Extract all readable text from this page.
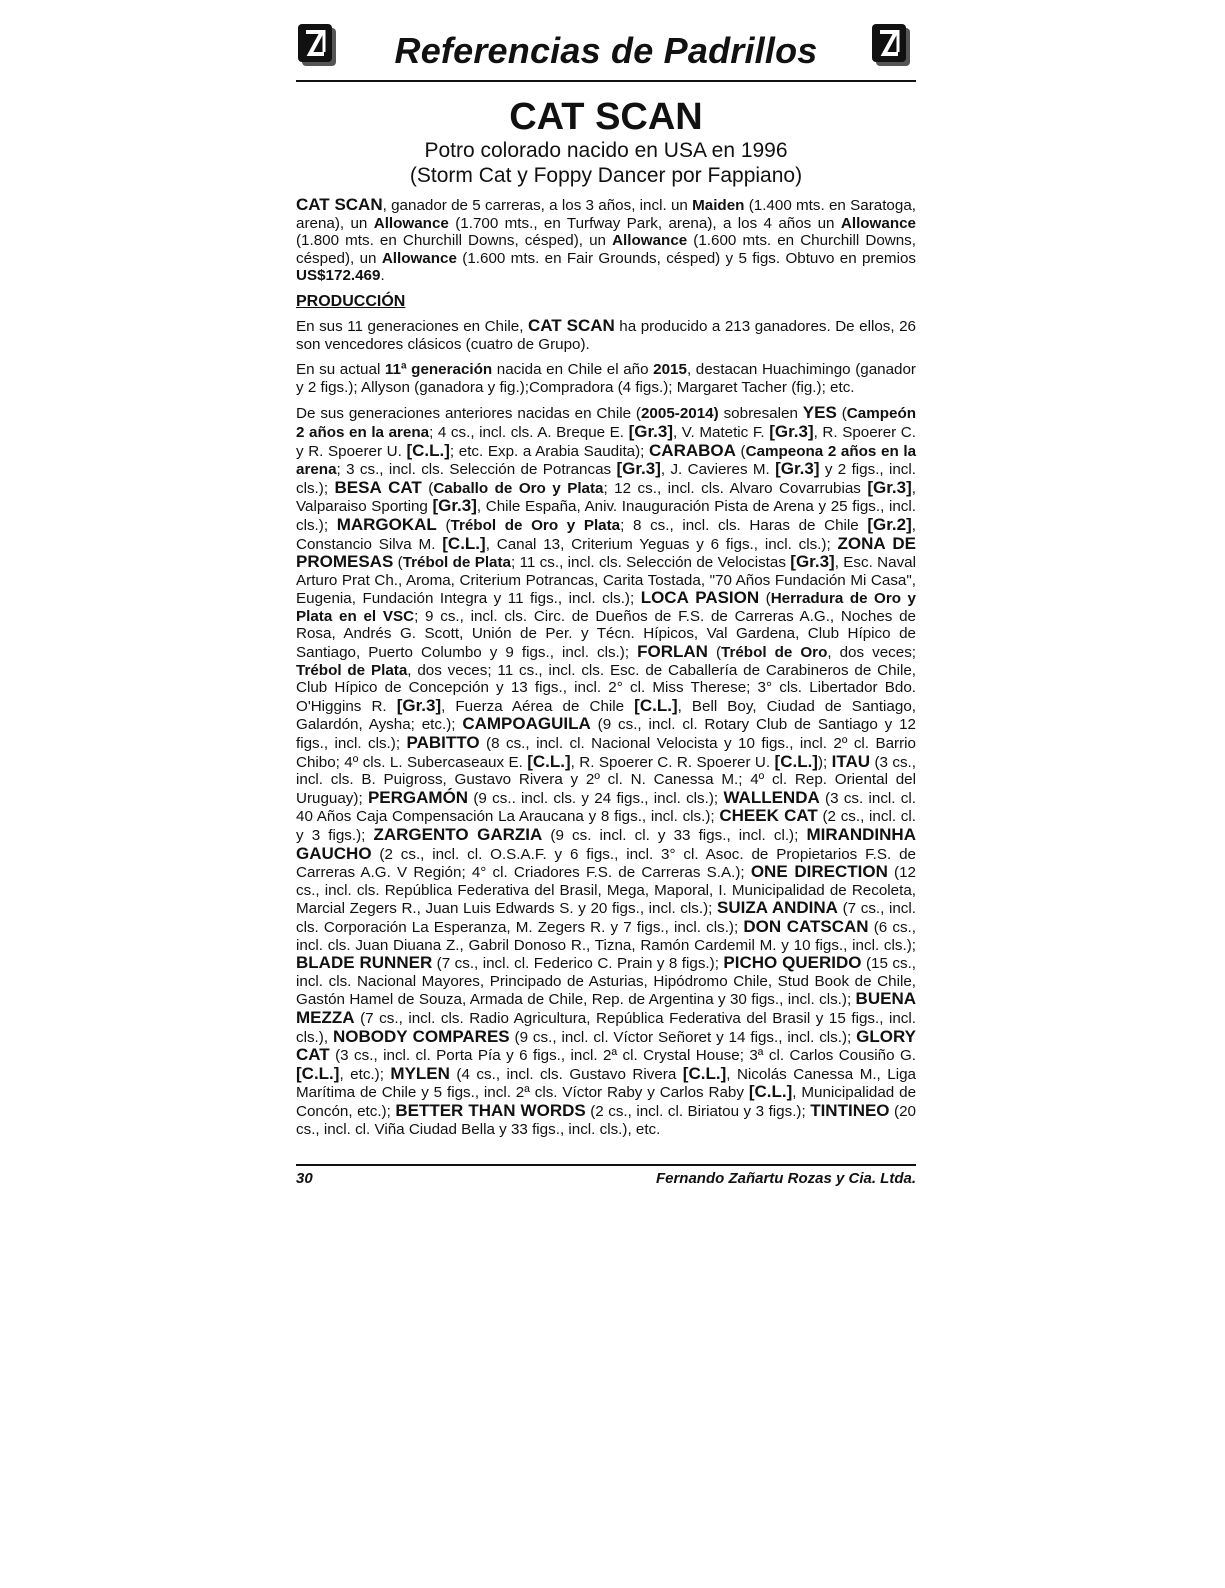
Referencias de Padrillos
CAT SCAN
Potro colorado nacido en USA en 1996
(Storm Cat y Foppy Dancer por Fappiano)

CAT SCAN, ganador de 5 carreras, a los 3 años, incl. un Maiden (1.400 mts. en Saratoga, arena), un Allowance (1.700 mts., en Turfway Park, arena), a los 4 años un Allowance (1.800 mts. en Churchill Downs, césped), un Allowance (1.600 mts. en Churchill Downs, césped), un Allowance (1.600 mts. en Fair Grounds, césped) y 5 figs. Obtuvo en premios US$172.469.

PRODUCCIÓN

En sus 11 generaciones en Chile, CAT SCAN ha producido a 213 ganadores. De ellos, 26 son vencedores clásicos (cuatro de Grupo).

En su actual 11ª generación nacida en Chile el año 2015, destacan Huachimingo (ganador y 2 figs.); Allyson (ganadora y fig.);Compradora (4 figs.); Margaret Tacher (fig.); etc.

De sus generaciones anteriores nacidas en Chile (2005-2014) sobresalen YES (Campeón 2 años en la arena; 4 cs., incl. cls. A. Breque E. [Gr.3], V. Matetic F. [Gr.3], R. Spoerer C. y R. Spoerer U. [C.L.]; etc. Exp. a Arabia Saudita); CARABOA (Campeona 2 años en la arena; 3 cs., incl. cls. Selección de Potrancas [Gr.3], J. Cavieres M. [Gr.3] y 2 figs., incl. cls.); BESA CAT (Caballo de Oro y Plata; 12 cs., incl. cls. Alvaro Covarrubias [Gr.3], Valparaiso Sporting [Gr.3], Chile España, Aniv. Inauguración Pista de Arena y 25 figs., incl. cls.); MARGOKAL (Trébol de Oro y Plata; 8 cs., incl. cls. Haras de Chile [Gr.2], Constancio Silva M. [C.L.], Canal 13, Criterium Yeguas y 6 figs., incl. cls.); ZONA DE PROMESAS (Trébol de Plata; 11 cs., incl. cls. Selección de Velocistas [Gr.3], Esc. Naval Arturo Prat Ch., Aroma, Criterium Potrancas, Carita Tostada, "70 Años Fundación Mi Casa", Eugenia, Fundación Integra y 11 figs., incl. cls.); LOCA PASION (Herradura de Oro y Plata en el VSC; 9 cs., incl. cls. Circ. de Dueños de F.S. de Carreras A.G., Noches de Rosa, Andrés G. Scott, Unión de Per. y Técn. Hípicos, Val Gardena, Club Hípico de Santiago, Puerto Columbo y 9 figs., incl. cls.); FORLAN (Trébol de Oro, dos veces; Trébol de Plata, dos veces; 11 cs., incl. cls. Esc. de Caballería de Carabineros de Chile, Club Hípico de Concepción y 13 figs., incl. 2° cl. Miss Therese; 3° cls. Libertador Bdo. O'Higgins R. [Gr.3], Fuerza Aérea de Chile [C.L.], Bell Boy, Ciudad de Santiago, Galardón, Aysha; etc.); CAMPOAGUILA (9 cs., incl. cl. Rotary Club de Santiago y 12 figs., incl. cls.); PABITTO (8 cs., incl. cl. Nacional Velocista y 10 figs., incl. 2º cl. Barrio Chibo; 4º cls. L. Subercaseaux E. [C.L.], R. Spoerer C. R. Spoerer U. [C.L.]); ITAU (3 cs., incl. cls. B. Puigross, Gustavo Rivera y 2º cl. N. Canessa M.; 4º cl. Rep. Oriental del Uruguay); PERGAMÓN (9 cs.. incl. cls. y 24 figs., incl. cls.); WALLENDA (3 cs. incl. cl. 40 Años Caja Compensación La Araucana y 8 figs., incl. cls.); CHEEK CAT (2 cs., incl. cl. y 3 figs.); ZARGENTO GARZIA (9 cs. incl. cl. y 33 figs., incl. cl.); MIRANDINHA GAUCHO (2 cs., incl. cl. O.S.A.F. y 6 figs., incl. 3° cl. Asoc. de Propietarios F.S. de Carreras A.G. V Región; 4° cl. Criadores F.S. de Carreras S.A.); ONE DIRECTION (12 cs., incl. cls. República Federativa del Brasil, Mega, Maporal, I. Municipalidad de Recoleta, Marcial Zegers R., Juan Luis Edwards S. y 20 figs., incl. cls.); SUIZA ANDINA (7 cs., incl. cls. Corporación La Esperanza, M. Zegers R. y 7 figs., incl. cls.); DON CATSCAN (6 cs., incl. cls. Juan Diuana Z., Gabril Donoso R., Tizna, Ramón Cardemil M. y 10 figs., incl. cls.); BLADE RUNNER (7 cs., incl. cl. Federico C. Prain y 8 figs.); PICHO QUERIDO (15 cs., incl. cls. Nacional Mayores, Principado de Asturias, Hipódromo Chile, Stud Book de Chile, Gastón Hamel de Souza, Armada de Chile, Rep. de Argentina y 30 figs., incl. cls.); BUENA MEZZA (7 cs., incl. cls. Radio Agricultura, República Federativa del Brasil y 15 figs., incl. cls.), NOBODY COMPARES (9 cs., incl. cl. Víctor Señoret y 14 figs., incl. cls.); GLORY CAT (3 cs., incl. cl. Porta Pía y 6 figs., incl. 2ª cl. Crystal House; 3ª cl. Carlos Cousiño G. [C.L.], etc.); MYLEN (4 cs., incl. cls. Gustavo Rivera [C.L.], Nicolás Canessa M., Liga Marítima de Chile y 5 figs., incl. 2ª cls. Víctor Raby y Carlos Raby [C.L.], Municipalidad de Concón, etc.); BETTER THAN WORDS (2 cs., incl. cl. Biriatou y 3 figs.); TINTINEO (20 cs., incl. cl. Viña Ciudad Bella y 33 figs., incl. cls.), etc.

30	Fernando Zañartu Rozas y Cia. Ltda.
